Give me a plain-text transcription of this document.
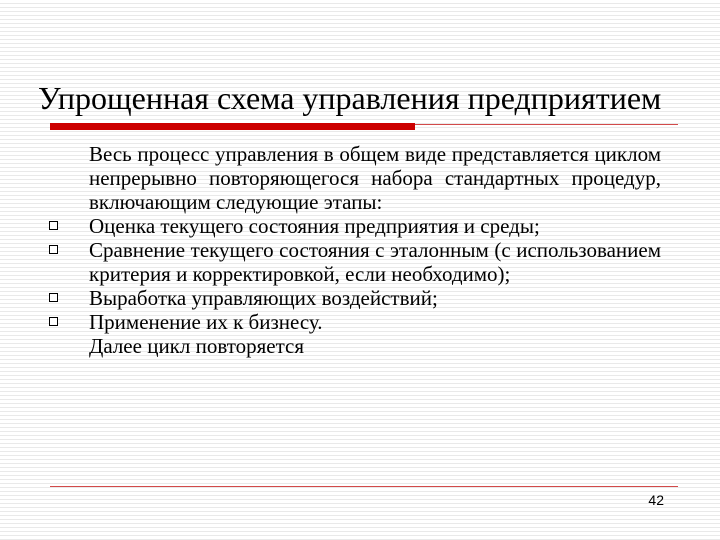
Упрощенная схема управления предприятием

Весь процесс управления в общем виде представляется циклом непрерывно повторяющегося набора стандартных процедур, включающим следующие этапы:

Оценка текущего состояния предприятия и среды;
Сравнение текущего состояния с эталонным (с использованием критерия и корректировкой, если необходимо);
Выработка управляющих воздействий;
Применение их к бизнесу.

Далее цикл повторяется

42
